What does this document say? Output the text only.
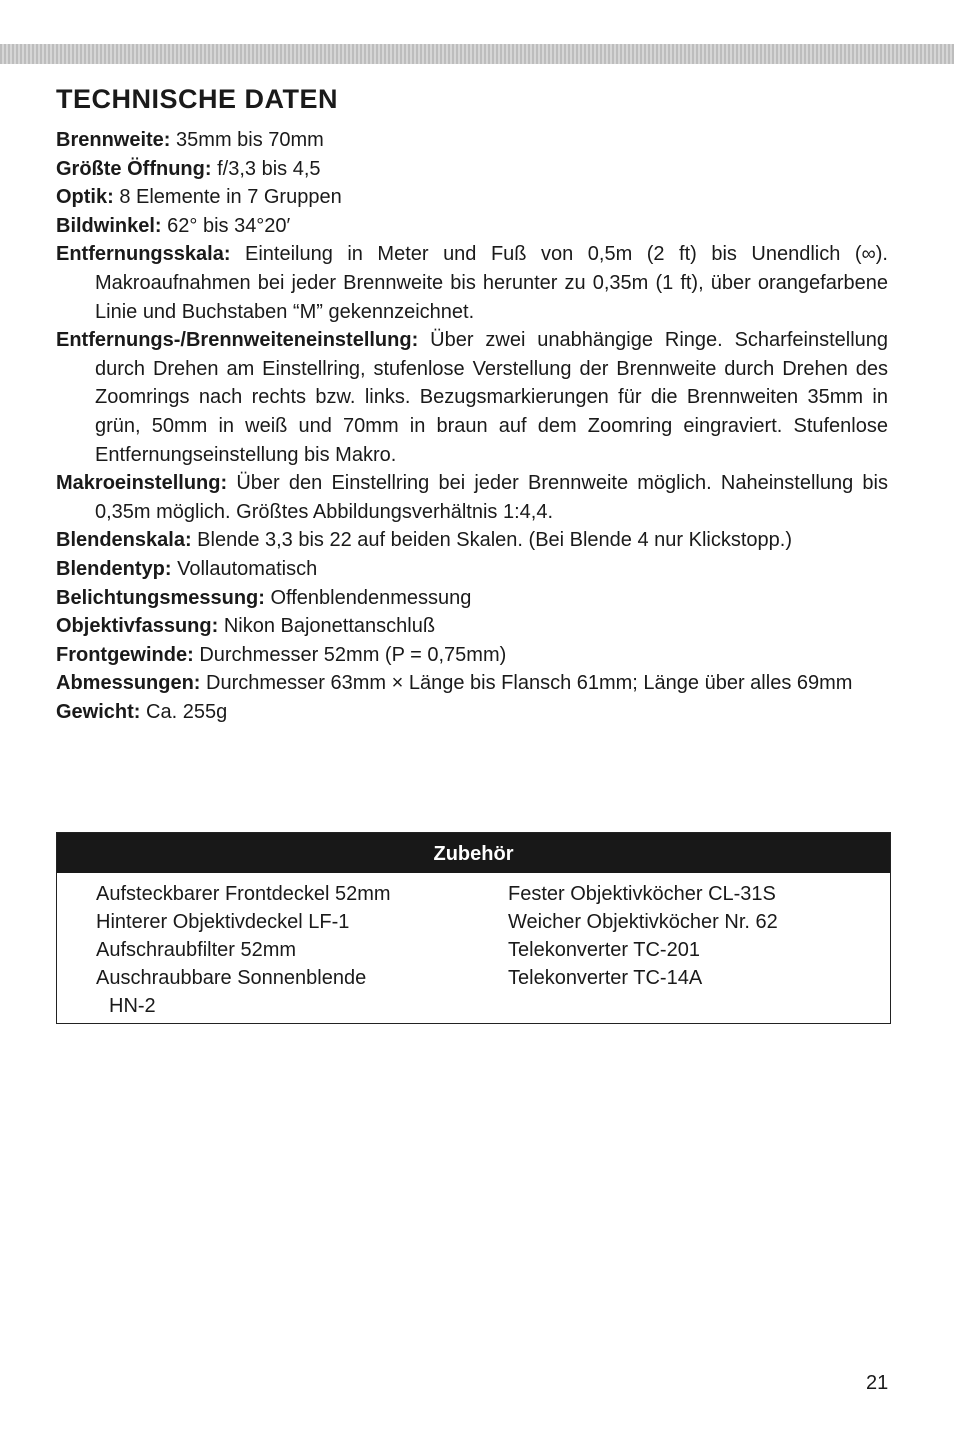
TECHNISCHE DATEN

Brennweite: 35mm bis 70mm

Größte Öffnung: f/3,3 bis 4,5

Optik: 8 Elemente in 7 Gruppen

Bildwinkel: 62° bis 34°20′

Entfernungsskala: Einteilung in Meter und Fuß von 0,5m (2 ft) bis Unendlich (∞). Makroaufnahmen bei jeder Brennweite bis herunter zu 0,35m (1 ft), über orangefarbene Linie und Buchstaben “M” gekennzeichnet.

Entfernungs-/Brennweiteneinstellung: Über zwei unabhängige Ringe. Scharfeinstellung durch Drehen am Einstellring, stufenlose Verstellung der Brennweite durch Drehen des Zoomrings nach rechts bzw. links. Bezugsmarkierungen für die Brennweiten 35mm in grün, 50mm in weiß und 70mm in braun auf dem Zoomring eingraviert. Stufenlose Entfernungseinstellung bis Makro.

Makroeinstellung: Über den Einstellring bei jeder Brennweite möglich. Naheinstellung bis 0,35m möglich. Größtes Abbildungsverhältnis 1:4,4.

Blendenskala: Blende 3,3 bis 22 auf beiden Skalen. (Bei Blende 4 nur Klickstopp.)

Blendentyp: Vollautomatisch

Belichtungsmessung: Offenblendenmessung

Objektivfassung: Nikon Bajonettanschluß

Frontgewinde: Durchmesser 52mm (P = 0,75mm)

Abmessungen: Durchmesser 63mm × Länge bis Flansch 61mm; Länge über alles 69mm

Gewicht: Ca. 255g

Zubehör

Aufsteckbarer Frontdeckel 52mm

Hinterer Objektivdeckel LF-1

Aufschraubfilter 52mm

Auschraubbare Sonnenblende
HN-2

Fester Objektivköcher CL-31S

Weicher Objektivköcher Nr. 62

Telekonverter TC-201

Telekonverter TC-14A

21
